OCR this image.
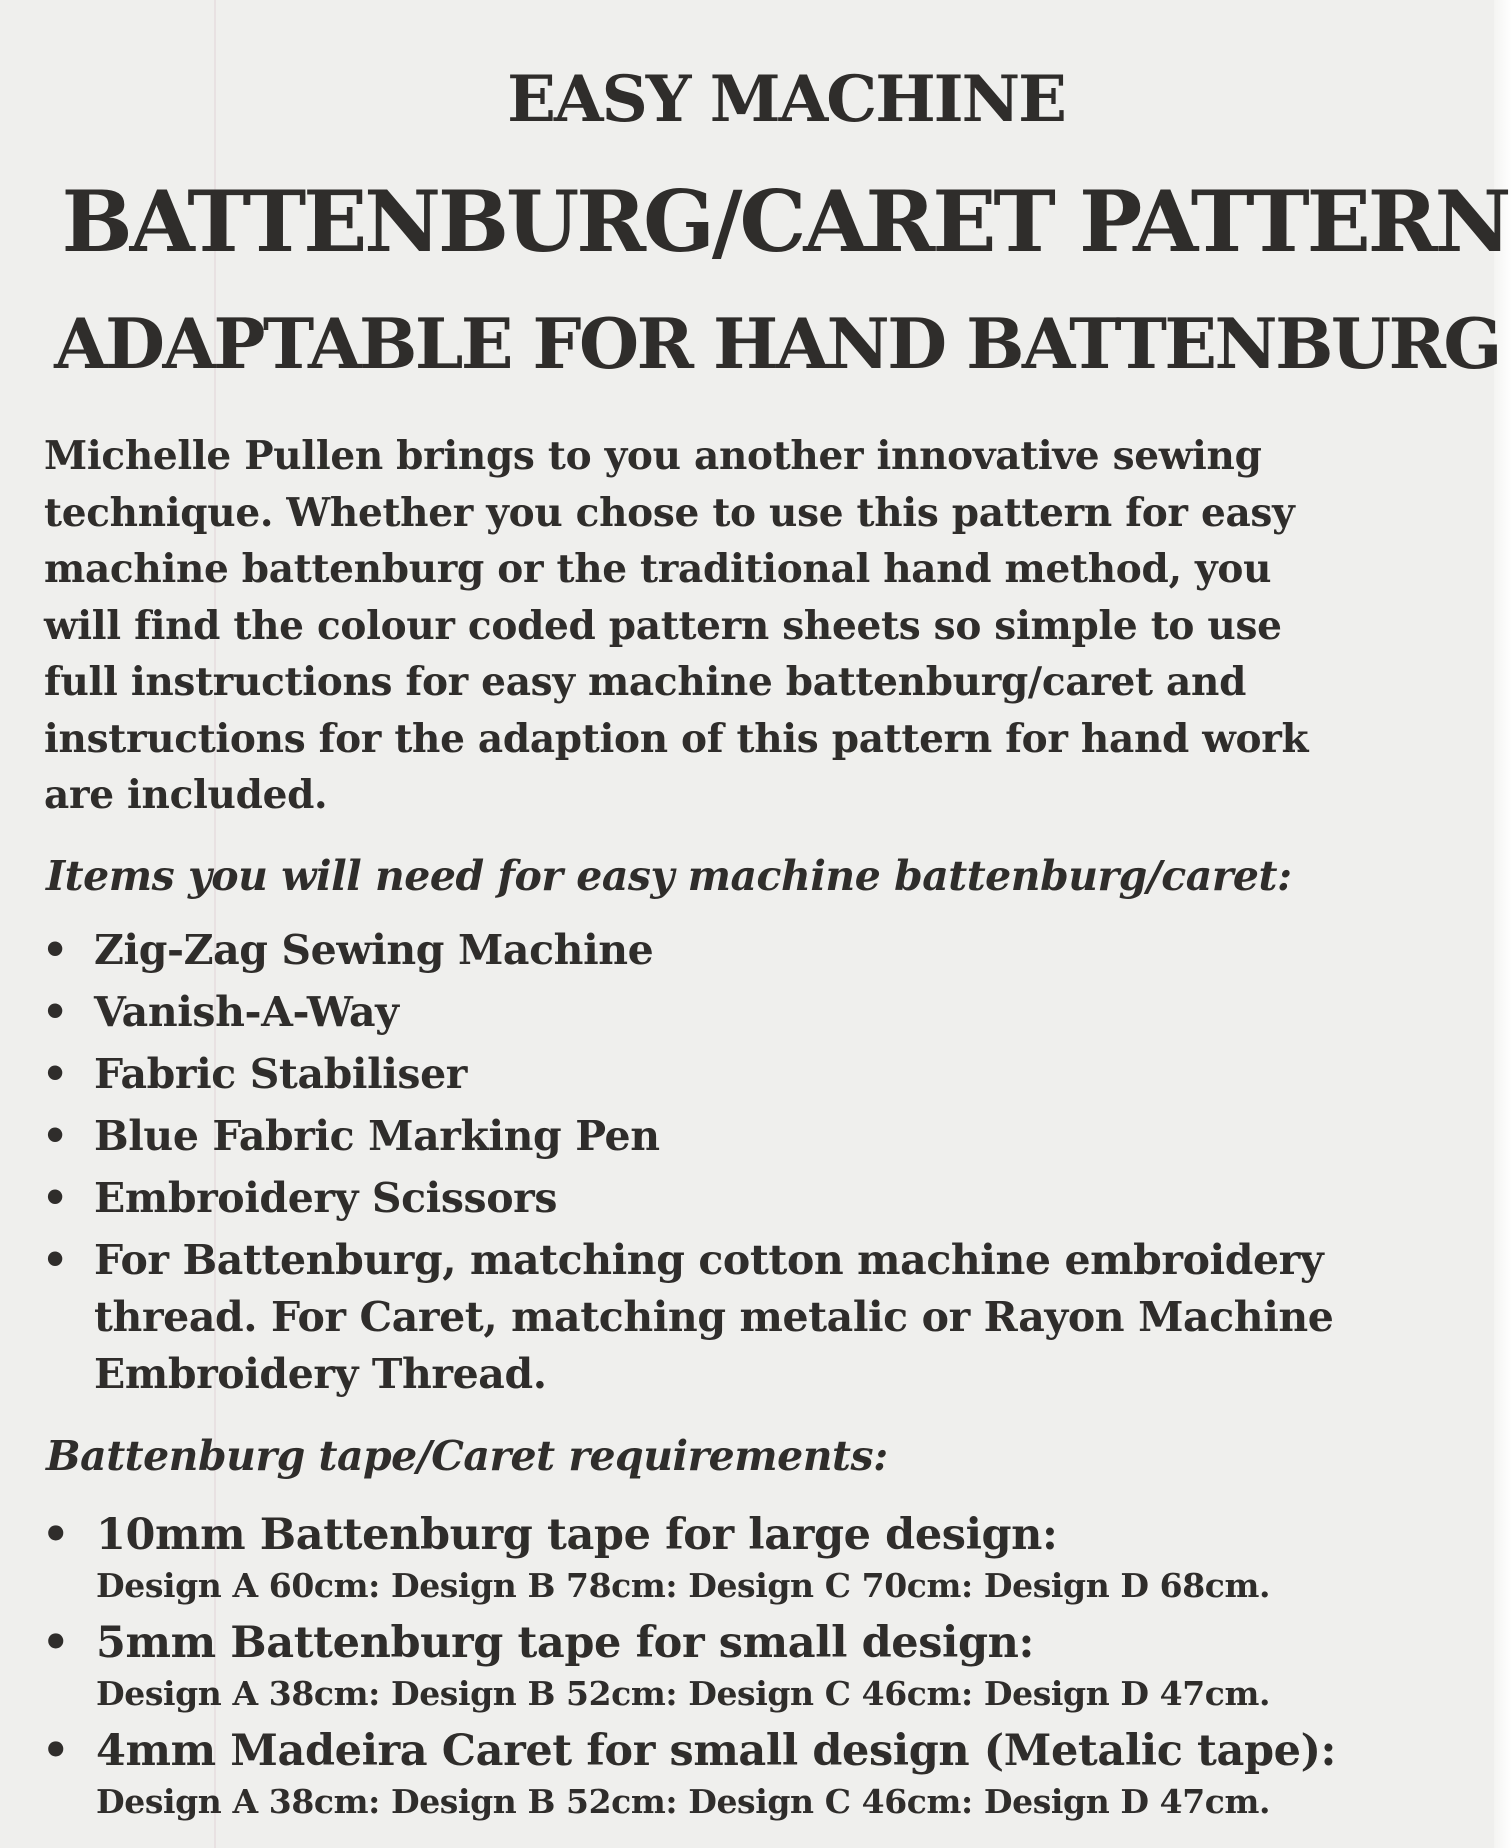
EASY MACHINE
BATTENBURG/CARET PATTERN
ADAPTABLE FOR HAND BATTENBURG
Michelle Pullen brings to you another innovative sewing
technique. Whether you chose to use this pattern for easy
machine battenburg or the traditional hand method, you
will find the colour coded pattern sheets so simple to use
full instructions for easy machine battenburg/caret and
instructions for the adaption of this pattern for hand work
are included.
Items you will need for easy machine battenburg/caret:
• Zig-Zag Sewing Machine
• Vanish-A-Way
• Fabric Stabiliser
• Blue Fabric Marking Pen
• Embroidery Scissors
• For Battenburg, matching cotton machine embroidery
thread. For Caret, matching metalic or Rayon Machine
Embroidery Thread.
Battenburg tape/Caret requirements:
• 10mm Battenburg tape for large design:
Design A 60cm: Design B 78cm: Design C 70cm: Design D 68cm.
• 5mm Battenburg tape for small design:
Design A 38cm: Design B 52cm: Design C 46cm: Design D 47cm.
• 4mm Madeira Caret for small design (Metalic tape):
Design A 38cm: Design B 52cm: Design C 46cm: Design D 47cm.
